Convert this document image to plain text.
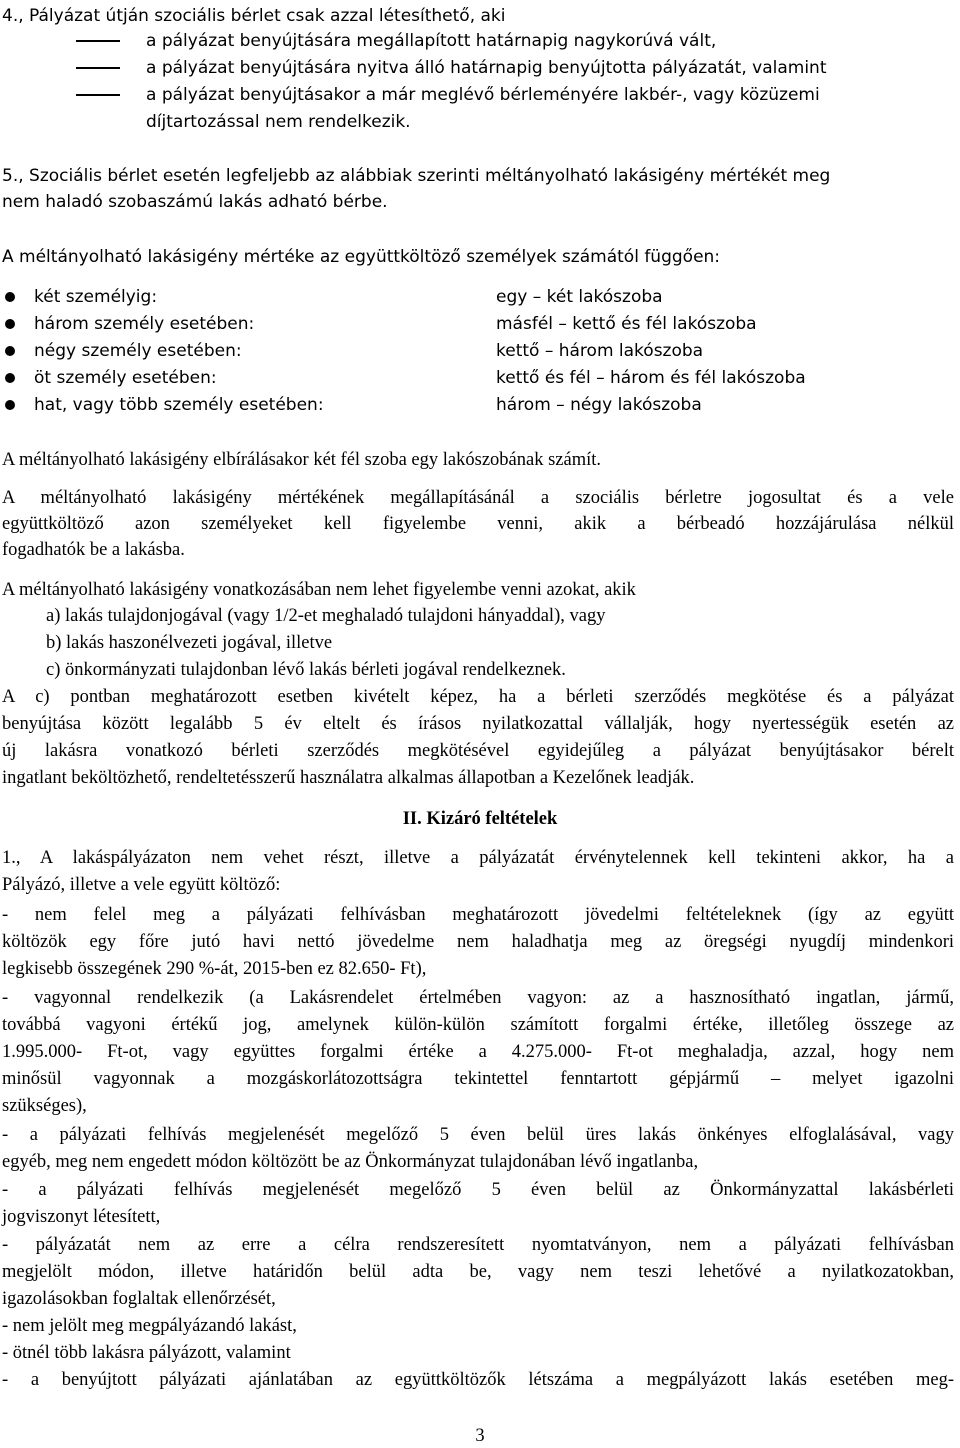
4., Pályázat útján szociális bérlet csak azzal létesíthető, aki
a pályázat benyújtására megállapított határnapig nagykorúvá vált,
a pályázat benyújtására nyitva álló határnapig benyújtotta pályázatát, valamint
a pályázat benyújtásakor a már meglévő bérleményére lakbér-, vagy közüzemi
díjtartozással nem rendelkezik.
5., Szociális bérlet esetén legfeljebb az alábbiak szerinti méltányolható lakásigény mértékét meg
nem haladó szobaszámú lakás adható bérbe.
A méltányolható lakásigény mértéke az együttköltöző személyek számától függően:
két személyig:	egy – két lakószoba
három személy esetében:	másfél – kettő és fél lakószoba
négy személy esetében:	kettő – három lakószoba
öt személy esetében:	kettő és fél – három és fél lakószoba
hat, vagy több személy esetében:	három – négy lakószoba
A méltányolható lakásigény elbírálásakor két fél szoba egy lakószobának számít.
A méltányolható lakásigény mértékének megállapításánál a szociális bérletre jogosultat és a vele
együttköltöző azon személyeket kell figyelembe venni, akik a bérbeadó hozzájárulása nélkül
fogadhatók be a lakásba.
A méltányolható lakásigény vonatkozásában nem lehet figyelembe venni azokat, akik
a) lakás tulajdonjogával (vagy 1/2-et meghaladó tulajdoni hányaddal), vagy
b) lakás haszonélvezeti jogával, illetve
c) önkormányzati tulajdonban lévő lakás bérleti jogával rendelkeznek.
A c) pontban meghatározott esetben kivételt képez, ha a bérleti szerződés megkötése és a pályázat
benyújtása között legalább 5 év eltelt és írásos nyilatkozattal vállalják, hogy nyertességük esetén az
új lakásra vonatkozó bérleti szerződés megkötésével egyidejűleg a pályázat benyújtásakor bérelt
ingatlant beköltözhető, rendeltetésszerű használatra alkalmas állapotban a Kezelőnek leadják.
II. Kizáró feltételek
1., A lakáspályázaton nem vehet részt, illetve a pályázatát érvénytelennek kell tekinteni akkor, ha a
Pályázó, illetve a vele együtt költöző:
- nem felel meg a pályázati felhívásban meghatározott jövedelmi feltételeknek (így az együtt
költözök egy főre jutó havi nettó jövedelme nem haladhatja meg az öregségi nyugdíj mindenkori
legkisebb összegének 290 %-át, 2015-ben ez 82.650- Ft),
- vagyonnal rendelkezik (a Lakásrendelet értelmében vagyon: az a hasznosítható ingatlan, jármű,
továbbá vagyoni értékű jog, amelynek külön-külön számított forgalmi értéke, illetőleg összege az
1.995.000- Ft-ot, vagy együttes forgalmi értéke a 4.275.000- Ft-ot meghaladja, azzal, hogy nem
minősül vagyonnak a mozgáskorlátozottságra tekintettel fenntartott gépjármű – melyet igazolni
szükséges),
- a pályázati felhívás megjelenését megelőző 5 éven belül üres lakás önkényes elfoglalásával, vagy
egyéb, meg nem engedett módon költözött be az Önkormányzat tulajdonában lévő ingatlanba,
- a pályázati felhívás megjelenését megelőző 5 éven belül az Önkormányzattal lakásbérleti
jogviszonyt létesített,
- pályázatát nem az erre a célra rendszeresített nyomtatványon, nem a pályázati felhívásban
megjelölt módon, illetve határidőn belül adta be, vagy nem teszi lehetővé a nyilatkozatokban,
igazolásokban foglaltak ellenőrzését,
- nem jelölt meg megpályázandó lakást,
- ötnél több lakásra pályázott, valamint
- a benyújtott pályázati ajánlatában az együttköltözők létszáma a megpályázott lakás esetében meg-
3
